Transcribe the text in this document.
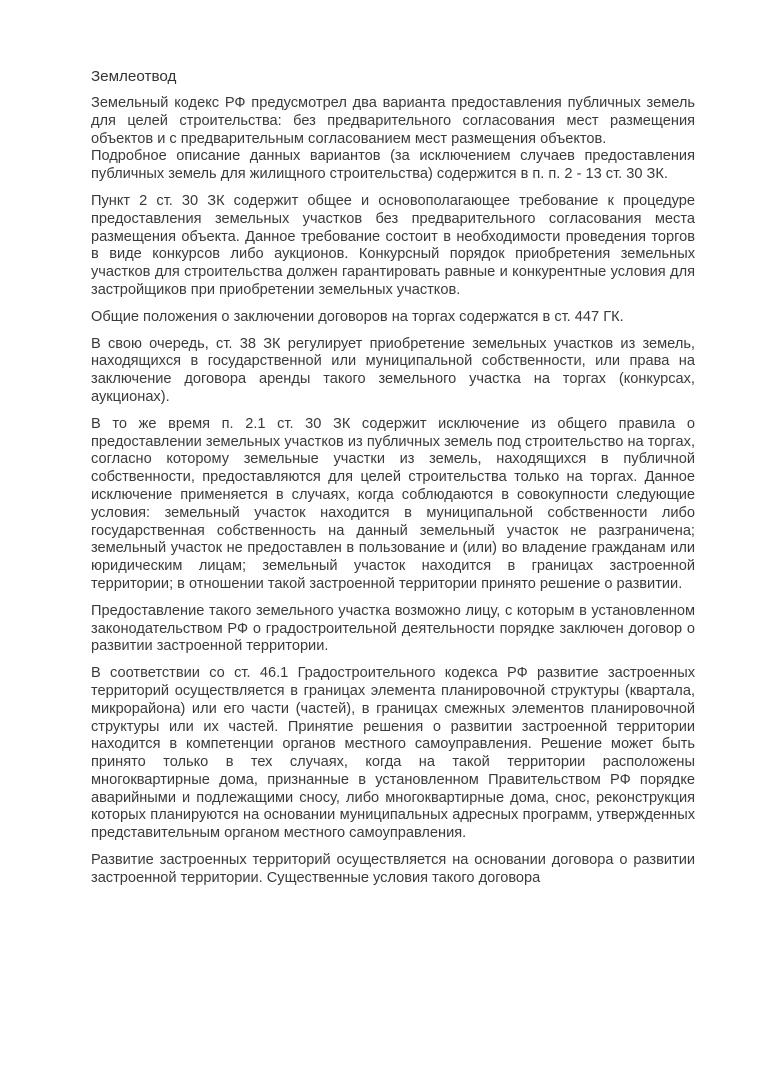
Землеотвод

Земельный кодекс РФ предусмотрел два варианта предоставления публичных земель для целей строительства: без предварительного согласования мест размещения объектов и с предварительным согласованием мест размещения объектов.
Подробное описание данных вариантов (за исключением случаев предоставления публичных земель для жилищного строительства) содержится в п. п. 2 - 13 ст. 30 ЗК.

Пункт 2 ст. 30 ЗК содержит общее и основополагающее требование к процедуре предоставления земельных участков без предварительного согласования места размещения объекта. Данное требование состоит в необходимости проведения торгов в виде конкурсов либо аукционов. Конкурсный порядок приобретения земельных участков для строительства должен гарантировать равные и конкурентные условия для застройщиков при приобретении земельных участков.

Общие положения о заключении договоров на торгах содержатся в ст. 447 ГК.

В свою очередь, ст. 38 ЗК регулирует приобретение земельных участков из земель, находящихся в государственной или муниципальной собственности, или права на заключение договора аренды такого земельного участка на торгах (конкурсах, аукционах).

В то же время п. 2.1 ст. 30 ЗК содержит исключение из общего правила о предоставлении земельных участков из публичных земель под строительство на торгах, согласно которому земельные участки из земель, находящихся в публичной собственности, предоставляются для целей строительства только на торгах. Данное исключение применяется в случаях, когда соблюдаются в совокупности следующие условия: земельный участок находится в муниципальной собственности либо государственная собственность на данный земельный участок не разграничена; земельный участок не предоставлен в пользование и (или) во владение гражданам или юридическим лицам; земельный участок находится в границах застроенной территории; в отношении такой застроенной территории принято решение о развитии.

Предоставление такого земельного участка возможно лицу, с которым в установленном законодательством РФ о градостроительной деятельности порядке заключен договор о развитии застроенной территории.

В соответствии со ст. 46.1 Градостроительного кодекса РФ развитие застроенных территорий осуществляется в границах элемента планировочной структуры (квартала, микрорайона) или его части (частей), в границах смежных элементов планировочной структуры или их частей. Принятие решения о развитии застроенной территории находится в компетенции органов местного самоуправления. Решение может быть принято только в тех случаях, когда на такой территории расположены многоквартирные дома, признанные в установленном Правительством РФ порядке аварийными и подлежащими сносу, либо многоквартирные дома, снос, реконструкция которых планируются на основании муниципальных адресных программ, утвержденных представительным органом местного самоуправления.

Развитие застроенных территорий осуществляется на основании договора о развитии застроенной территории. Существенные условия такого договора
